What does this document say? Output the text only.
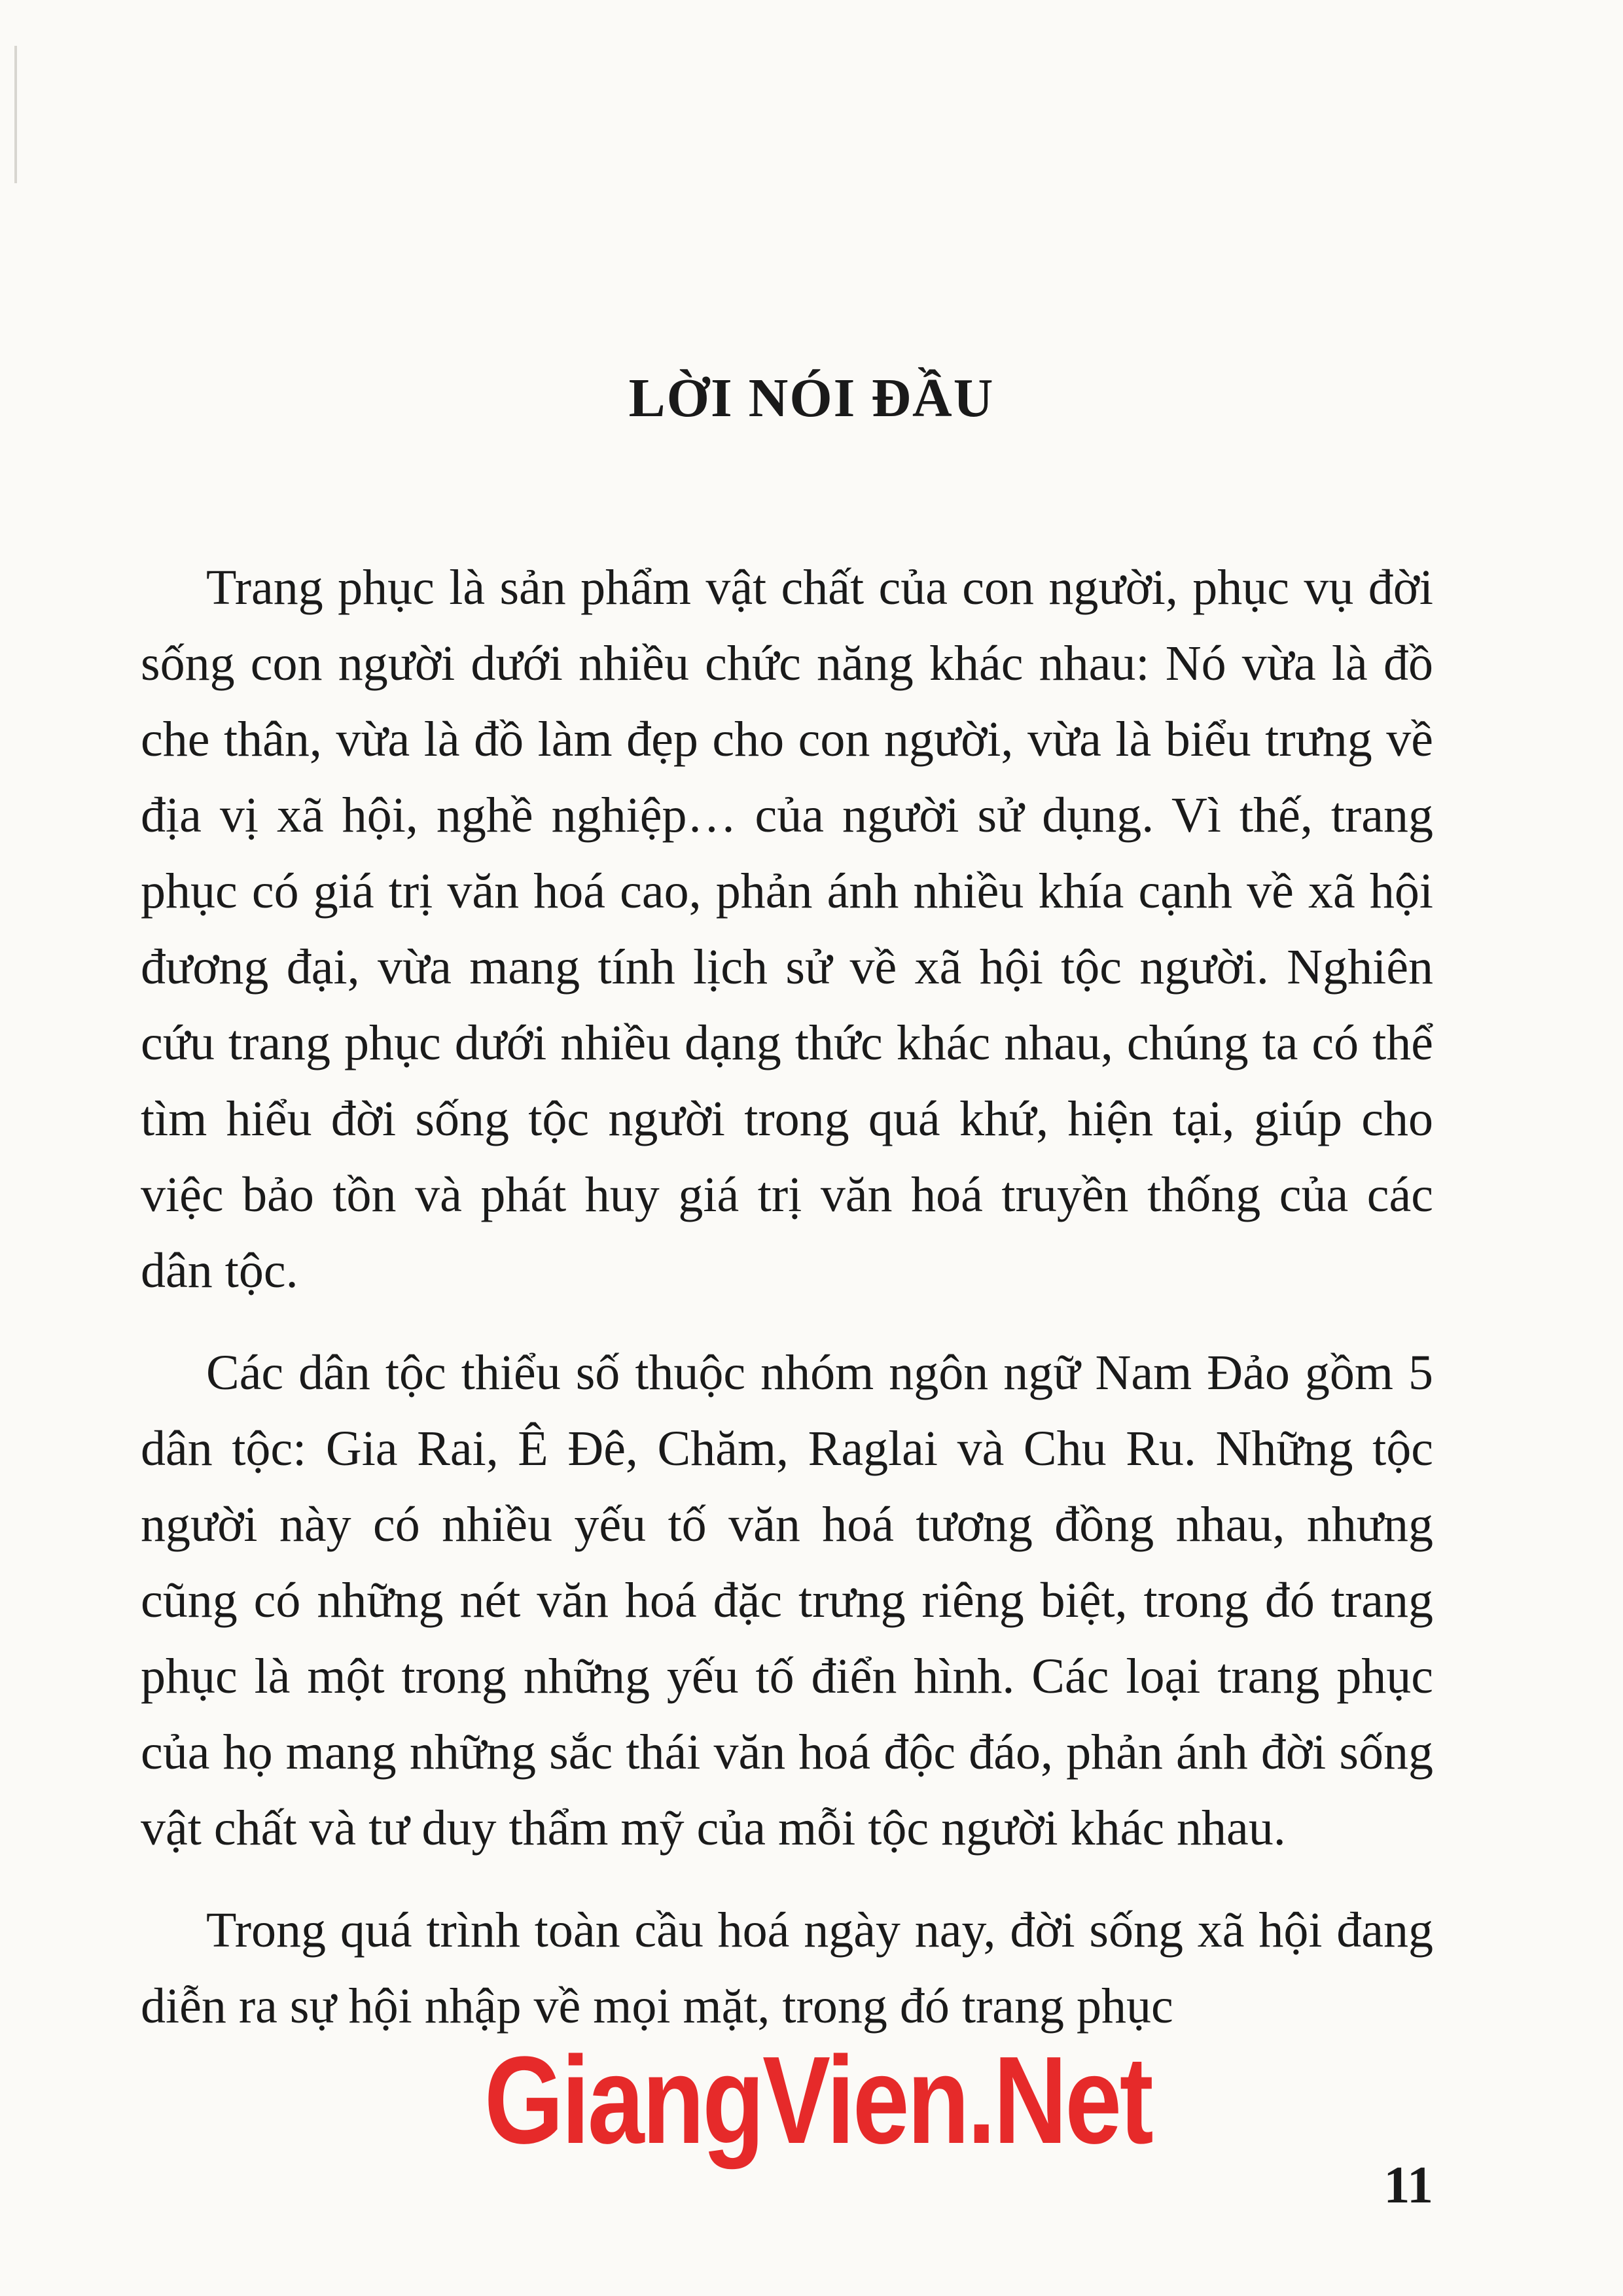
LỜI NÓI ĐẦU

Trang phục là sản phẩm vật chất của con người, phục vụ đời sống con người dưới nhiều chức năng khác nhau: Nó vừa là đồ che thân, vừa là đồ làm đẹp cho con người, vừa là biểu trưng về địa vị xã hội, nghề nghiệp… của người sử dụng. Vì thế, trang phục có giá trị văn hoá cao, phản ánh nhiều khía cạnh về xã hội đương đại, vừa mang tính lịch sử về xã hội tộc người. Nghiên cứu trang phục dưới nhiều dạng thức khác nhau, chúng ta có thể tìm hiểu đời sống tộc người trong quá khứ, hiện tại, giúp cho việc bảo tồn và phát huy giá trị văn hoá truyền thống của các dân tộc.

Các dân tộc thiểu số thuộc nhóm ngôn ngữ Nam Đảo gồm 5 dân tộc: Gia Rai, Ê Đê, Chăm, Raglai và Chu Ru. Những tộc người này có nhiều yếu tố văn hoá tương đồng nhau, nhưng cũng có những nét văn hoá đặc trưng riêng biệt, trong đó trang phục là một trong những yếu tố điển hình. Các loại trang phục của họ mang những sắc thái văn hoá độc đáo, phản ánh đời sống vật chất và tư duy thẩm mỹ của mỗi tộc người khác nhau.

Trong quá trình toàn cầu hoá ngày nay, đời sống xã hội đang diễn ra sự hội nhập về mọi mặt, trong đó trang phục

GiangVien.Net
11
